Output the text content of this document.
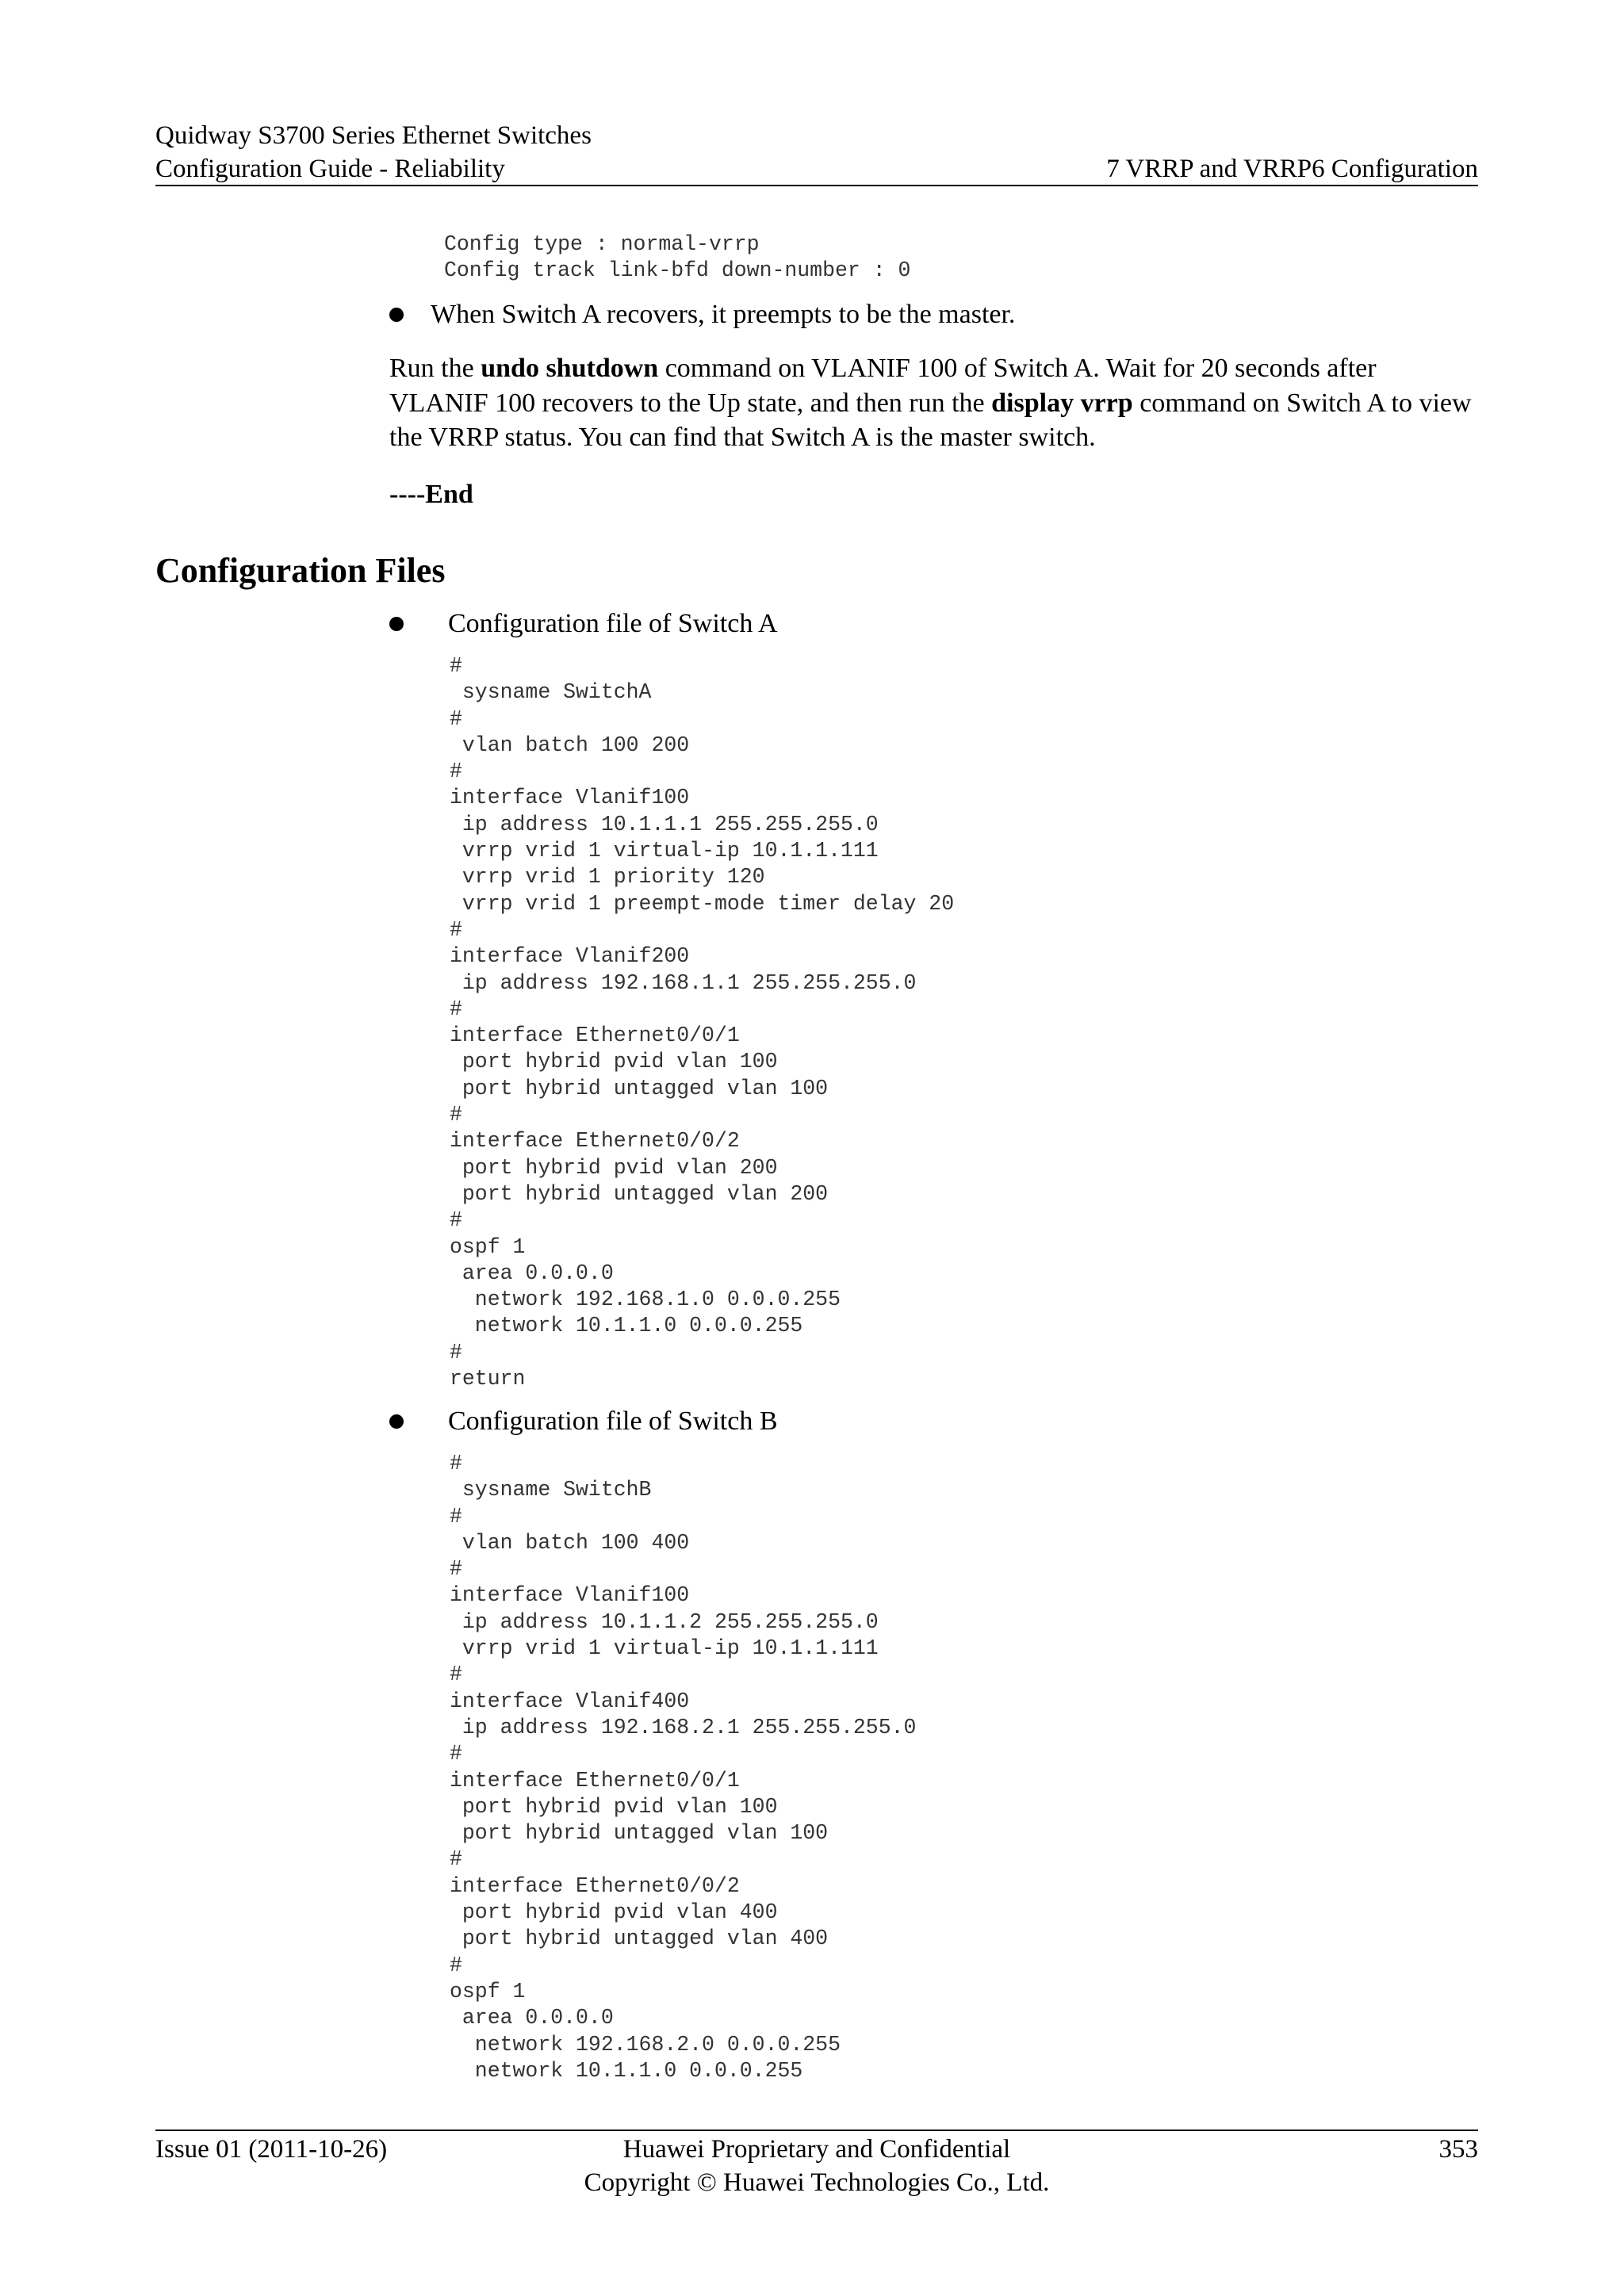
Quidway S3700 Series Ethernet Switches
Configuration Guide - Reliability	7 VRRP and VRRP6 Configuration
Config type : normal-vrrp
Config track link-bfd down-number : 0
When Switch A recovers, it preempts to be the master.
Run the undo shutdown command on VLANIF 100 of Switch A. Wait for 20 seconds after VLANIF 100 recovers to the Up state, and then run the display vrrp command on Switch A to view the VRRP status. You can find that Switch A is the master switch.
----End
Configuration Files
Configuration file of Switch A
#
sysname SwitchA
#
vlan batch 100 200
#
interface Vlanif100
ip address 10.1.1.1 255.255.255.0
vrrp vrid 1 virtual-ip 10.1.1.111
vrrp vrid 1 priority 120
vrrp vrid 1 preempt-mode timer delay 20
#
interface Vlanif200
ip address 192.168.1.1 255.255.255.0
#
interface Ethernet0/0/1
port hybrid pvid vlan 100
port hybrid untagged vlan 100
#
interface Ethernet0/0/2
port hybrid pvid vlan 200
port hybrid untagged vlan 200
#
ospf 1
area 0.0.0.0
network 192.168.1.0 0.0.0.255
network 10.1.1.0 0.0.0.255
#
return
Configuration file of Switch B
#
sysname SwitchB
#
vlan batch 100 400
#
interface Vlanif100
ip address 10.1.1.2 255.255.255.0
vrrp vrid 1 virtual-ip 10.1.1.111
#
interface Vlanif400
ip address 192.168.2.1 255.255.255.0
#
interface Ethernet0/0/1
port hybrid pvid vlan 100
port hybrid untagged vlan 100
#
interface Ethernet0/0/2
port hybrid pvid vlan 400
port hybrid untagged vlan 400
#
ospf 1
area 0.0.0.0
network 192.168.2.0 0.0.0.255
network 10.1.1.0 0.0.0.255
Issue 01 (2011-10-26)	Huawei Proprietary and Confidential
Copyright © Huawei Technologies Co., Ltd.
353
